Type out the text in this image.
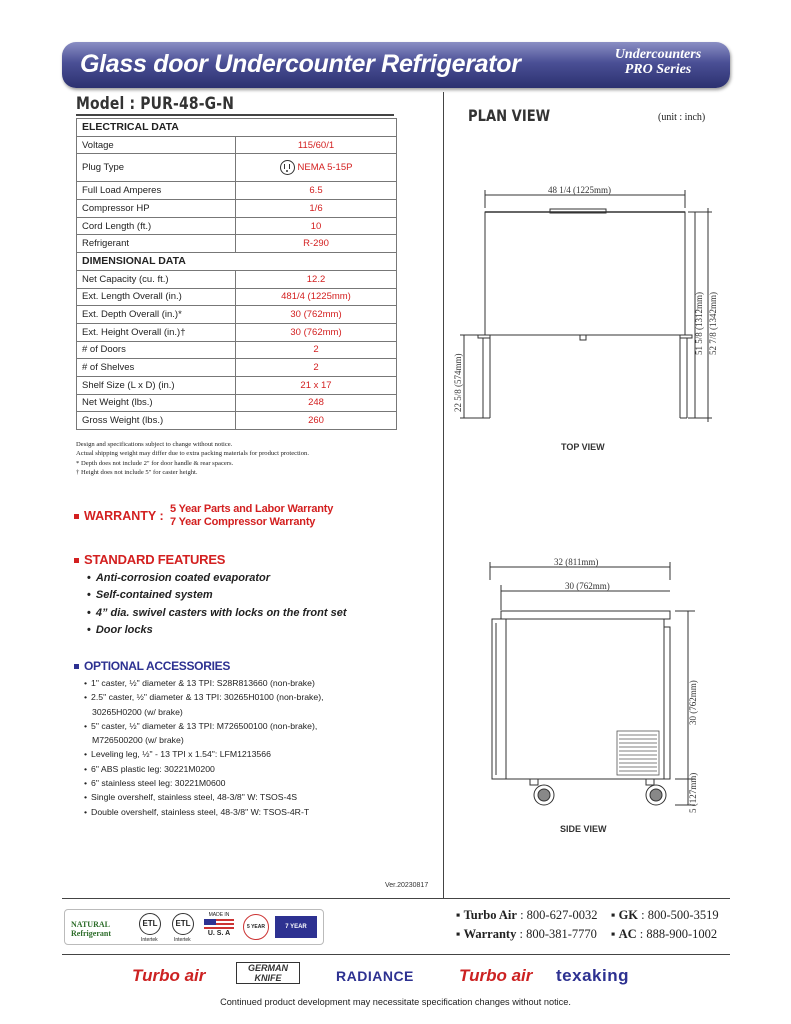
Glass door Undercounter Refrigerator	Undercounters
PRO Series
Model : PUR-48-G-N
ELECTRICAL DATA	
Voltage	115/60/1
Plug Type	NEMA 5-15P
Full Load Amperes	6.5
Compressor HP	1/6
Cord Length (ft.)	10
Refrigerant	R-290
DIMENSIONAL DATA	
Net Capacity (cu. ft.)	12.2
Ext. Length Overall (in.)	481/4 (1225mm)
Ext. Depth Overall (in.)*	30 (762mm)
Ext. Height Overall (in.)†	30 (762mm)
# of Doors	2
# of Shelves	2
Shelf Size (L x D) (in.)	21 x 17
Net Weight (lbs.)	248
Gross Weight (lbs.)	260
Design and specifications subject to change without notice.
Actual shipping weight may differ due to extra packing materials for product protection.
* Depth does not include 2" for door handle & rear spacers.
† Height does not include 5" for caster height.
WARRANTY : 5 Year Parts and Labor Warranty
7 Year Compressor Warranty
STANDARD FEATURES
• Anti-corrosion coated evaporator
• Self-contained system
• 4” dia. swivel casters with locks on the front set
• Door locks
OPTIONAL ACCESSORIES
• 1" caster, ½" diameter & 13 TPI: S28R813660 (non-brake)
• 2.5" caster, ½" diameter & 13 TPI: 30265H0100 (non-brake),
30265H0200 (w/ brake)
• 5" caster, ½" diameter & 13 TPI: M726500100 (non-brake),
M726500200 (w/ brake)
• Leveling leg, ½" - 13 TPI x 1.54": LFM1213566
• 6" ABS plastic leg: 30221M0200
• 6" stainless steel leg: 30221M0600
• Single overshelf, stainless steel, 48-3/8" W: TSOS-4S
• Double overshelf, stainless steel, 48-3/8" W: TSOS-4R-T
PLAN VIEW	(unit : inch)
48 1/4 (1225mm)
51 5/8 (1312mm) 52 7/8 (1342mm)
22 5/8 (574mm)
TOP VIEW
32 (811mm)
30 (762mm)
30 (762mm)
5 (127mm)
SIDE VIEW
Ver.20230817
NATURAL
Refrigerant
ETL
Intertek
ETL
Intertek
MADE IN
U. S. A
5 YEAR	7 YEAR
▪ Turbo Air : 800-627-0032 ▪ GK : 800-500-3519
▪ Warranty : 800-381-7770 ▪ AC : 888-900-1002
Turbo air	GERMAN KNIFE	RADIANCE	Turbo air texaking
Continued product development may necessitate specification changes without notice.
